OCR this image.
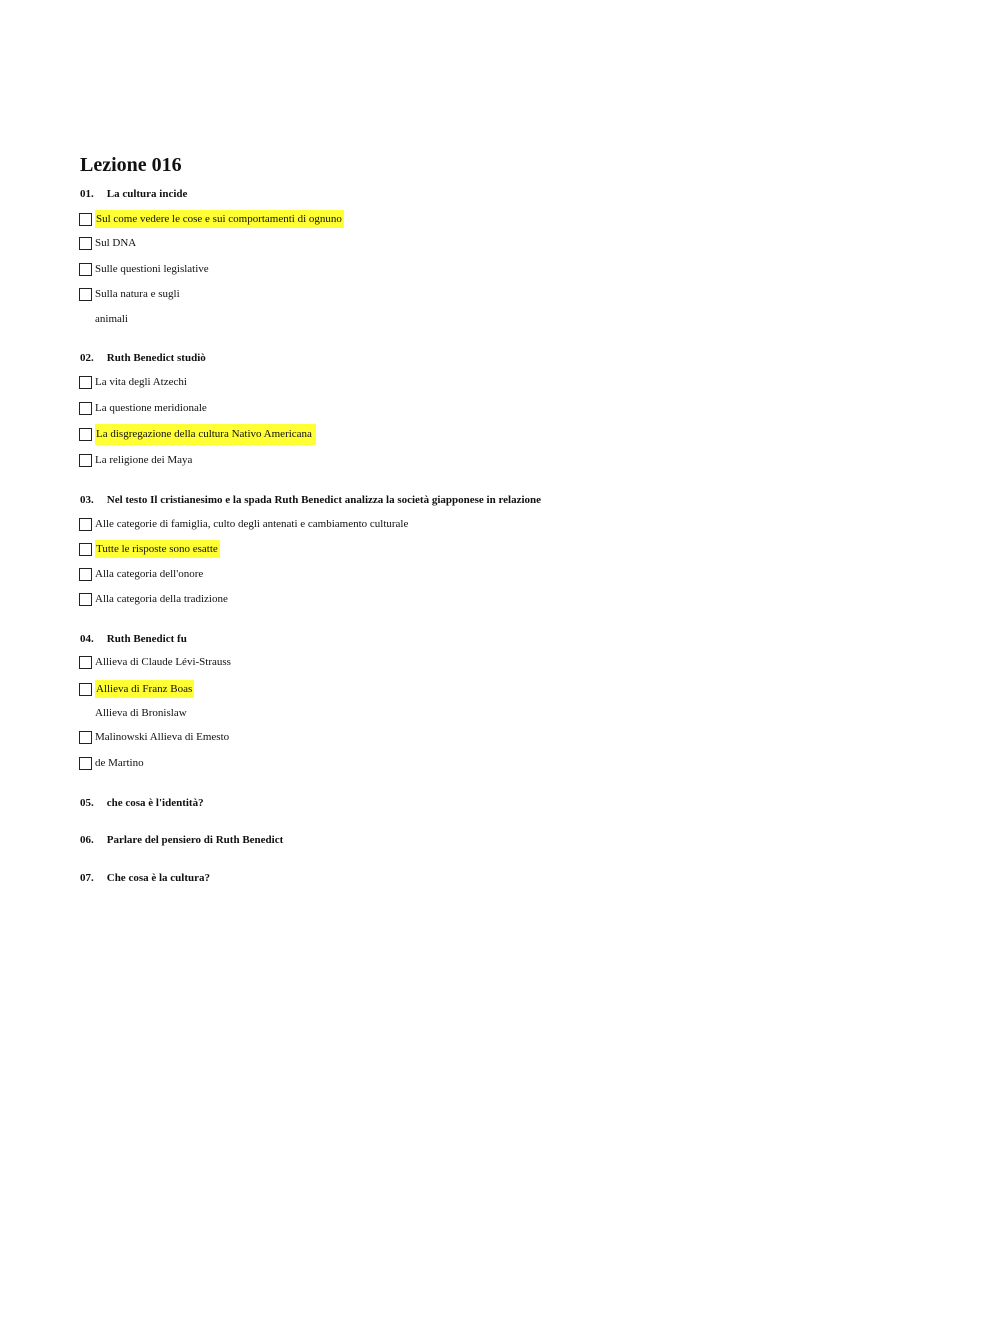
Lezione 016
01. La cultura incide
Sul come vedere le cose e sui comportamenti di ognuno
Sul DNA
Sulle questioni legislative
Sulla natura e sugli
animali
02. Ruth Benedict studiò
La vita degli Atzechi
La questione meridionale
La disgregazione della cultura Nativo Americana
La religione dei Maya
03. Nel testo Il cristianesimo e la spada Ruth Benedict analizza la società giapponese in relazione
Alle categorie di famiglia, culto degli antenati e cambiamento culturale
Tutte le risposte sono esatte
Alla categoria dell'onore
Alla categoria della tradizione
04. Ruth Benedict fu
Allieva di Claude Lévi-Strauss
Allieva di Franz Boas
Allieva di Bronislaw
Malinowski Allieva di Emesto
de Martino
05. che cosa è l'identità?
06. Parlare del pensiero di Ruth Benedict
07. Che cosa è la cultura?
